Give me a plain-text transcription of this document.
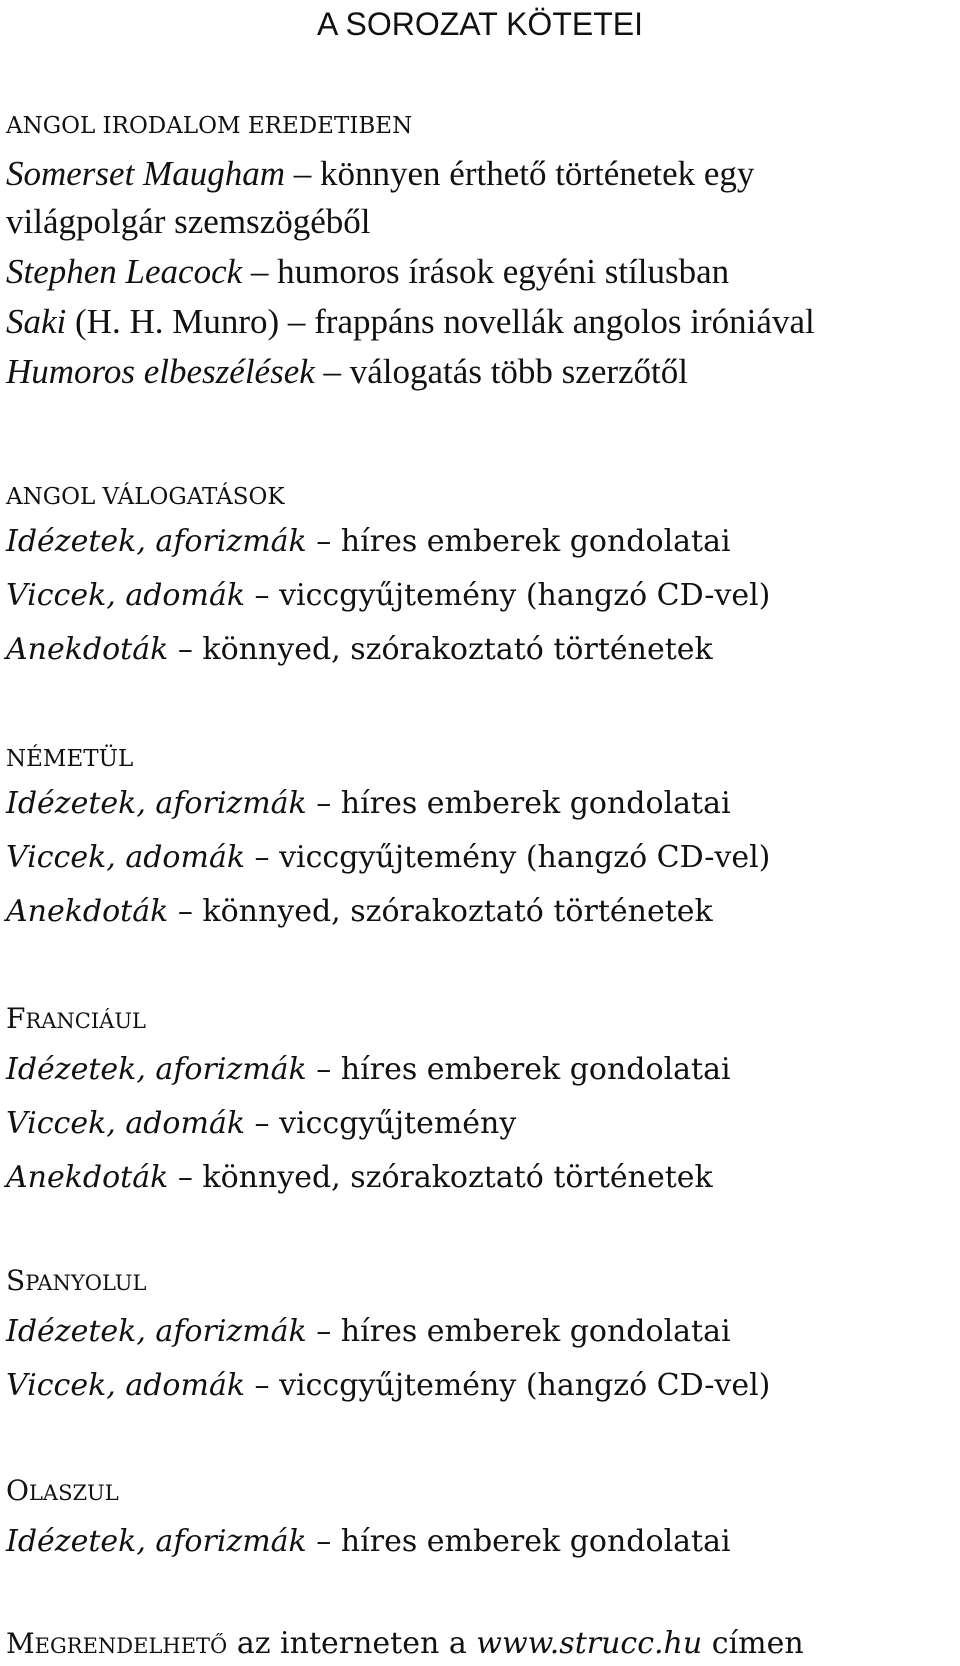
A SOROZAT KÖTETEI
ANGOL IRODALOM EREDETIBEN

Somerset Maugham – könnyen érthető történetek egy

világpolgár szemszögéből

Stephen Leacock – humoros írások egyéni stílusban

Saki (H. H. Munro) – frappáns novellák angolos iróniával

Humoros elbeszélések – válogatás több szerzőtől

ANGOL VÁLOGATÁSOK

Idézetek, aforizmák – híres emberek gondolatai

Viccek, adomák – viccgyűjtemény (hangzó CD-vel)

Anekdoták – könnyed, szórakoztató történetek

NÉMETÜL

Idézetek, aforizmák – híres emberek gondolatai

Viccek, adomák – viccgyűjtemény (hangzó CD-vel)

Anekdoták – könnyed, szórakoztató történetek

FRANCIÁUL

Idézetek, aforizmák – híres emberek gondolatai

Viccek, adomák – viccgyűjtemény

Anekdoták – könnyed, szórakoztató történetek

SPANYOLUL

Idézetek, aforizmák – híres emberek gondolatai

Viccek, adomák – viccgyűjtemény (hangzó CD-vel)

OLASZUL

Idézetek, aforizmák – híres emberek gondolatai

MEGRENDELHETŐ az interneten a www.strucc.hu címen
